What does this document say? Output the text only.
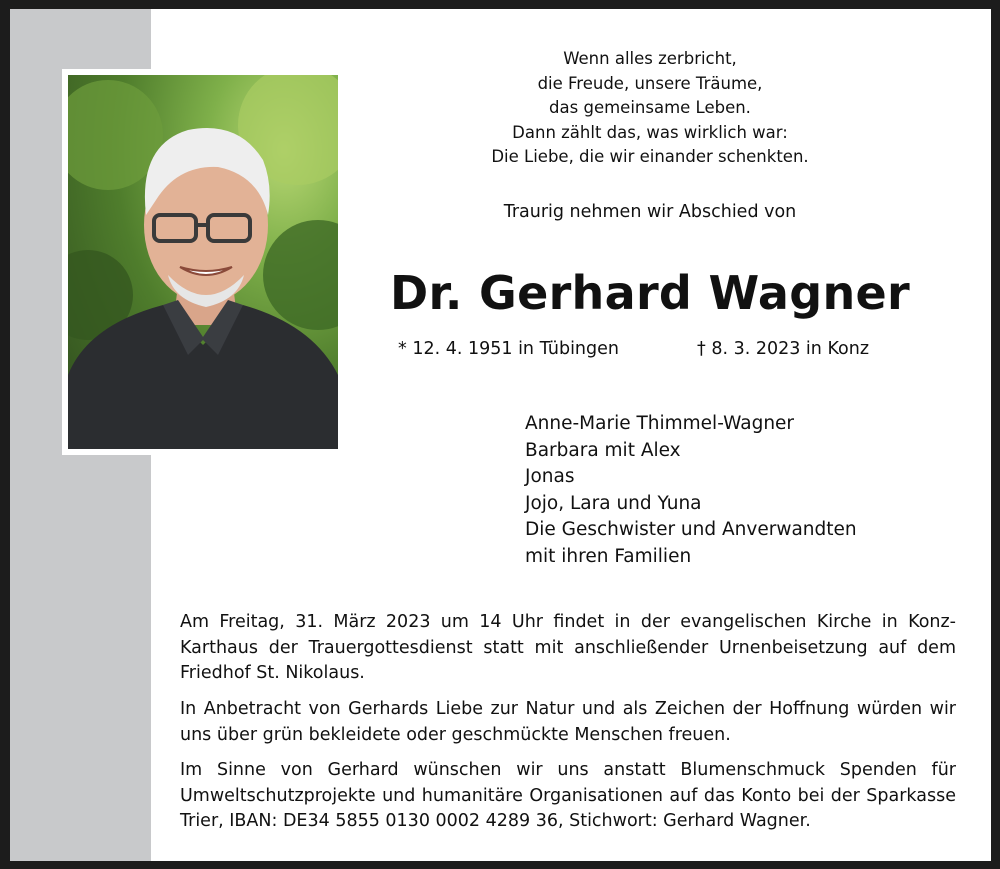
Wenn alles zerbricht,
die Freude, unsere Träume,
das gemeinsame Leben.
Dann zählt das, was wirklich war:
Die Liebe, die wir einander schenkten.
Traurig nehmen wir Abschied von
Dr. Gerhard Wagner
* 12. 4. 1951 in Tübingen	† 8. 3. 2023 in Konz
Anne-Marie Thimmel-Wagner
Barbara mit Alex
Jonas
Jojo, Lara und Yuna
Die Geschwister und Anverwandten
mit ihren Familien
Am Freitag, 31. März 2023 um 14 Uhr findet in der evangelischen Kirche in Konz-Karthaus der Trauergottesdienst statt mit anschließender Urnenbeisetzung auf dem Friedhof St. Nikolaus.
In Anbetracht von Gerhards Liebe zur Natur und als Zeichen der Hoffnung würden wir uns über grün bekleidete oder geschmückte Menschen freuen.
Im Sinne von Gerhard wünschen wir uns anstatt Blumenschmuck Spenden für Umweltschutzprojekte und humanitäre Organisationen auf das Konto bei der Sparkasse Trier, IBAN: DE34 5855 0130 0002 4289 36, Stichwort: Gerhard Wagner.
